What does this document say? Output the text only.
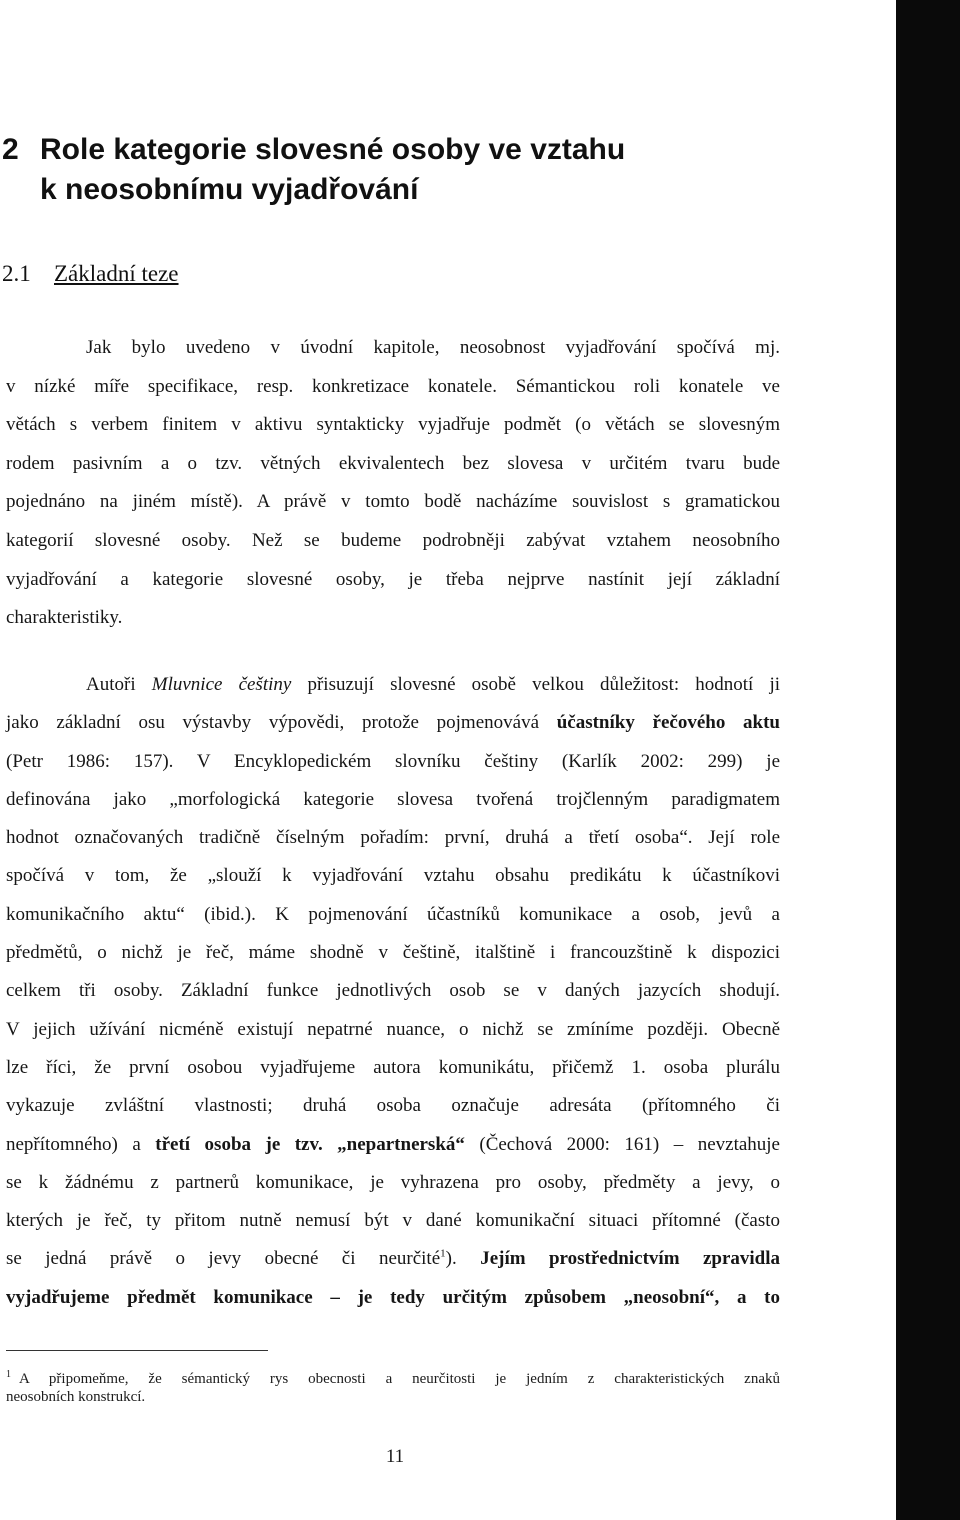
2 Role kategorie slovesné osoby ve vztahu
k neosobnímu vyjadřování
2.1 Základní teze
Jak bylo uvedeno v úvodní kapitole, neosobnost vyjadřování spočívá mj.
v nízké míře specifikace, resp. konkretizace konatele. Sémantickou roli konatele ve
větách s verbem finitem v aktivu syntakticky vyjadřuje podmět (o větách se slovesným
rodem pasivním a o tzv. větných ekvivalentech bez slovesa v určitém tvaru bude
pojednáno na jiném místě). A právě v tomto bodě nacházíme souvislost s gramatickou
kategorií slovesné osoby. Než se budeme podrobněji zabývat vztahem neosobního
vyjadřování a kategorie slovesné osoby, je třeba nejprve nastínit její základní
charakteristiky.
Autoři Mluvnice češtiny přisuzují slovesné osobě velkou důležitost: hodnotí ji
jako základní osu výstavby výpovědi, protože pojmenovává účastníky řečového aktu
(Petr 1986: 157). V Encyklopedickém slovníku češtiny (Karlík 2002: 299) je
definována jako „morfologická kategorie slovesa tvořená trojčlenným paradigmatem
hodnot označovaných tradičně číselným pořadím: první, druhá a třetí osoba“. Její role
spočívá v tom, že „slouží k vyjadřování vztahu obsahu predikátu k účastníkovi
komunikačního aktu“ (ibid.). K pojmenování účastníků komunikace a osob, jevů a
předmětů, o nichž je řeč, máme shodně v češtině, italštině i francouzštině k dispozici
celkem tři osoby. Základní funkce jednotlivých osob se v daných jazycích shodují.
V jejich užívání nicméně existují nepatrné nuance, o nichž se zmíníme později. Obecně
lze říci, že první osobou vyjadřujeme autora komunikátu, přičemž 1. osoba plurálu
vykazuje zvláštní vlastnosti; druhá osoba označuje adresáta (přítomného či
nepřítomného) a třetí osoba je tzv. „nepartnerská“ (Čechová 2000: 161) – nevztahuje
se k žádnému z partnerů komunikace, je vyhrazena pro osoby, předměty a jevy, o
kterých je řeč, ty přitom nutně nemusí být v dané komunikační situaci přítomné (často
se jedná právě o jevy obecné či neurčité$^1$). Jejím prostřednictvím zpravidla
vyjadřujeme předmět komunikace – je tedy určitým způsobem „neosobní“, a to
$^1$ A připomeňme, že sémantický rys obecnosti a neurčitosti je jedním z charakteristických znaků
neosobních konstrukcí.
11
